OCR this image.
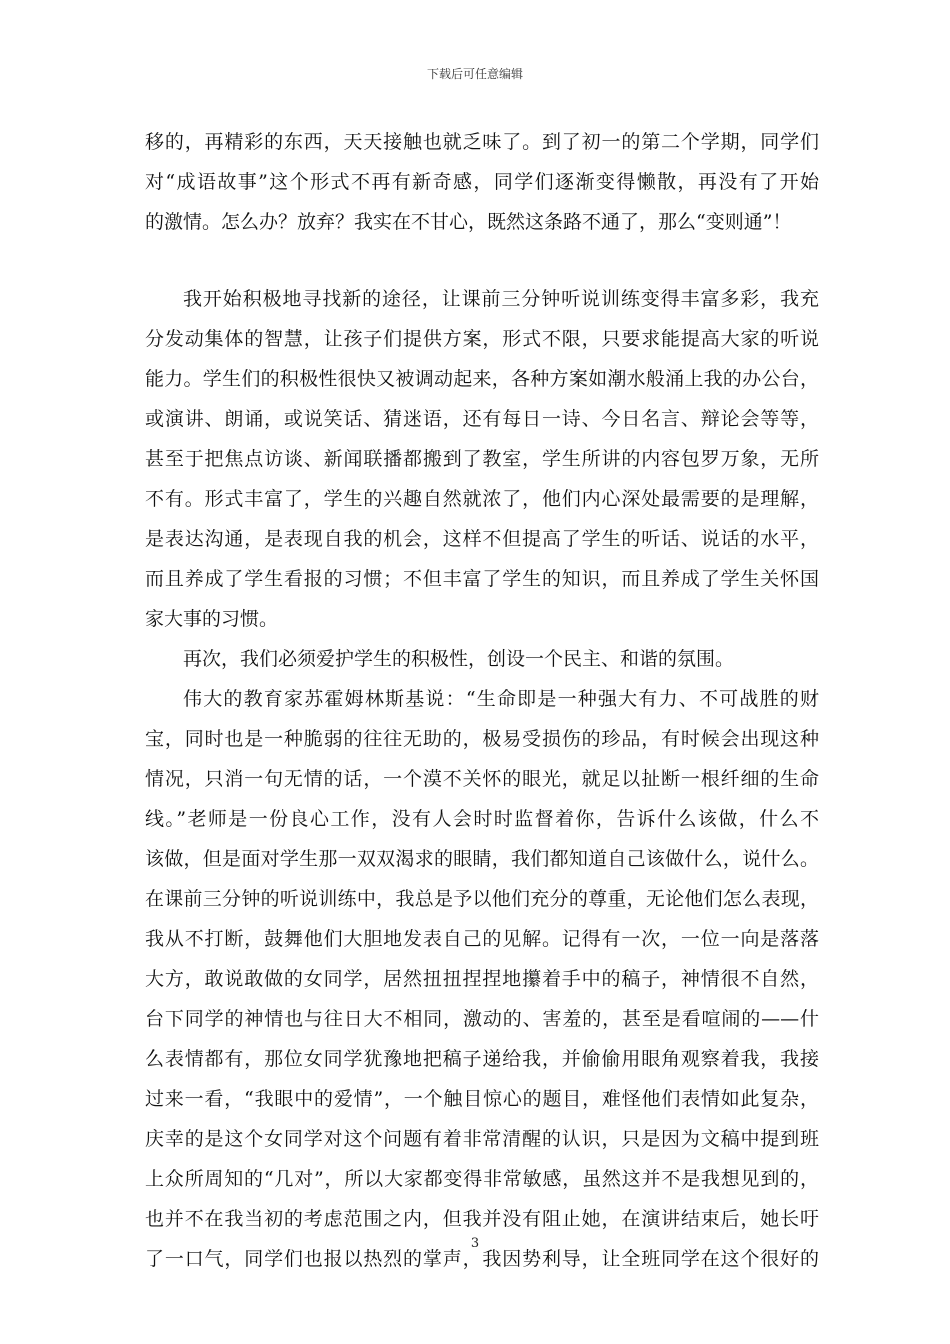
下载后可任意编辑
移的，再精彩的东西，天天接触也就乏味了。到了初一的第二个学期，同学们
对“成语故事”这个形式不再有新奇感，同学们逐渐变得懒散，再没有了开始
的激情。怎么办？放弃？我实在不甘心，既然这条路不通了，那么“变则通”！
我开始积极地寻找新的途径，让课前三分钟听说训练变得丰富多彩，我充
分发动集体的智慧，让孩子们提供方案，形式不限，只要求能提高大家的听说
能力。学生们的积极性很快又被调动起来，各种方案如潮水般涌上我的办公台，
或演讲、朗诵，或说笑话、猜迷语，还有每日一诗、今日名言、辩论会等等，
甚至于把焦点访谈、新闻联播都搬到了教室，学生所讲的内容包罗万象，无所
不有。形式丰富了，学生的兴趣自然就浓了，他们内心深处最需要的是理解，
是表达沟通，是表现自我的机会，这样不但提高了学生的听话、说话的水平，
而且养成了学生看报的习惯；不但丰富了学生的知识，而且养成了学生关怀国
家大事的习惯。
再次，我们必须爱护学生的积极性，创设一个民主、和谐的氛围。
伟大的教育家苏霍姆林斯基说：“生命即是一种强大有力、不可战胜的财
宝，同时也是一种脆弱的往往无助的，极易受损伤的珍品，有时候会出现这种
情况，只消一句无情的话，一个漠不关怀的眼光，就足以扯断一根纤细的生命
线。”老师是一份良心工作，没有人会时时监督着你，告诉什么该做，什么不
该做，但是面对学生那一双双渴求的眼睛，我们都知道自己该做什么，说什么。
在课前三分钟的听说训练中，我总是予以他们充分的尊重，无论他们怎么表现，
我从不打断，鼓舞他们大胆地发表自己的见解。记得有一次，一位一向是落落
大方，敢说敢做的女同学，居然扭扭捏捏地攥着手中的稿子，神情很不自然，
台下同学的神情也与往日大不相同，激动的、害羞的，甚至是看喧闹的——什
么表情都有，那位女同学犹豫地把稿子递给我，并偷偷用眼角观察着我，我接
过来一看，“我眼中的爱情”，一个触目惊心的题目，难怪他们表情如此复杂，
庆幸的是这个女同学对这个问题有着非常清醒的认识，只是因为文稿中提到班
上众所周知的“几对”，所以大家都变得非常敏感，虽然这并不是我想见到的，
也并不在我当初的考虑范围之内，但我并没有阻止她，在演讲结束后，她长吁
了一口气，同学们也报以热烈的掌声，我因势利导，让全班同学在这个很好的
3
